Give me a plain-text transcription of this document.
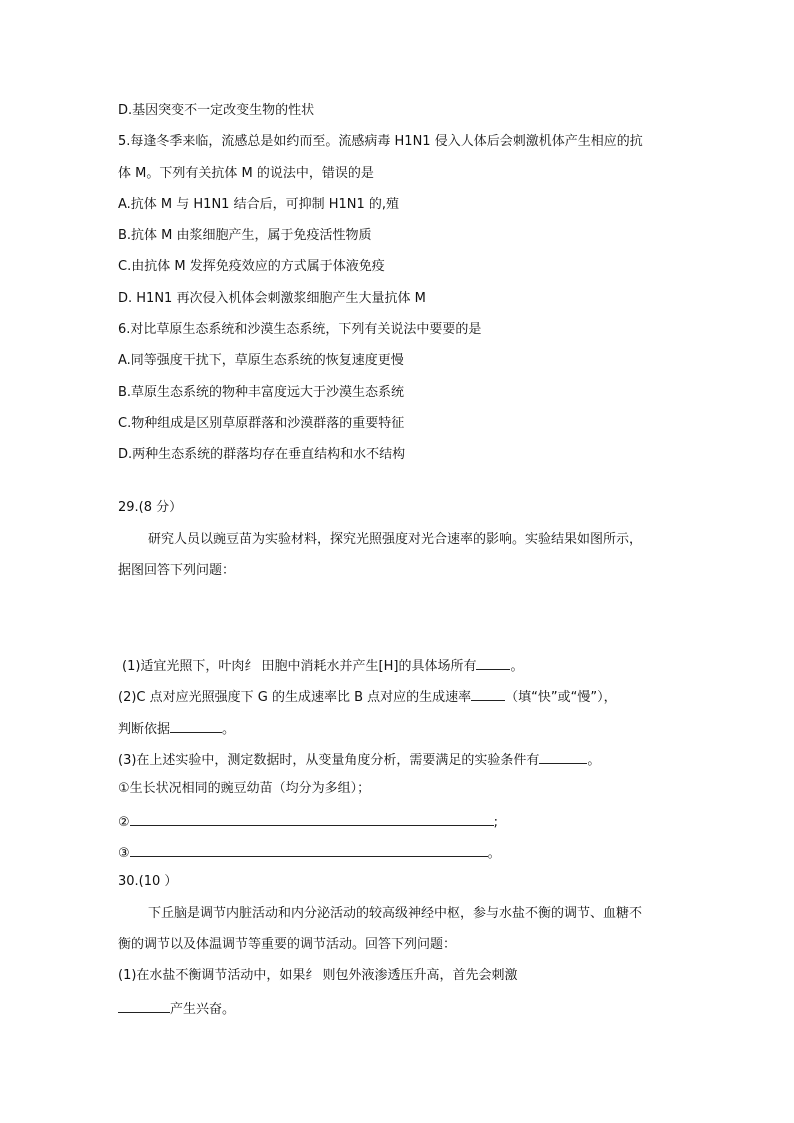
D.基因突变不一定改变生物的性状
5.每逢冬季来临，流感总是如约而至。流感病毒 H1N1 侵入人体后会刺激机体产生相应的抗
体 M。下列有关抗体 M 的说法中，错误的是
A.抗体 M 与 H1N1 结合后，可抑制 H1N1 的,殖
B.抗体 M 由浆细胞产生，属于免疫活性物质
C.由抗体 M 发挥免疫效应的方式属于体液免疫
D. H1N1 再次侵入机体会刺激浆细胞产生大量抗体 M
6.对比草原生态系统和沙漠生态系统，下列有关说法中要要的是
A.同等强度干扰下，草原生态系统的恢复速度更慢
B.草原生态系统的物种丰富度远大于沙漠生态系统
C.物种组成是区别草原群落和沙漠群落的重要特征
D.两种生态系统的群落均存在垂直结构和水不结构
29.(8 分）
研究人员以豌豆苗为实验材料，探究光照强度对光合速率的影响。实验结果如图所示，
据图回答下列问题：
(1)适宜光照下，叶肉纟 田胞中消耗水并产生[H]的具体场所有	。
(2)C 点对应光照强度下 G 的生成速率比 B 点对应的生成速率	（填“快”或“慢”），
判断依据	。
(3)在上述实验中，测定数据时，从变量角度分析，需要满足的实验条件有	。
①生长状况相同的豌豆幼苗（均分为多组）；
②	;
③	。
30.(10 ）
下丘脑是调节内脏活动和内分泌活动的较高级神经中枢，参与水盐不衡的调节、血糖不
衡的调节以及体温调节等重要的调节活动。回答下列问题：
(1)在水盐不衡调节活动中，如果纟 则包外液渗透压升高，首先会刺激
产生兴奋。
